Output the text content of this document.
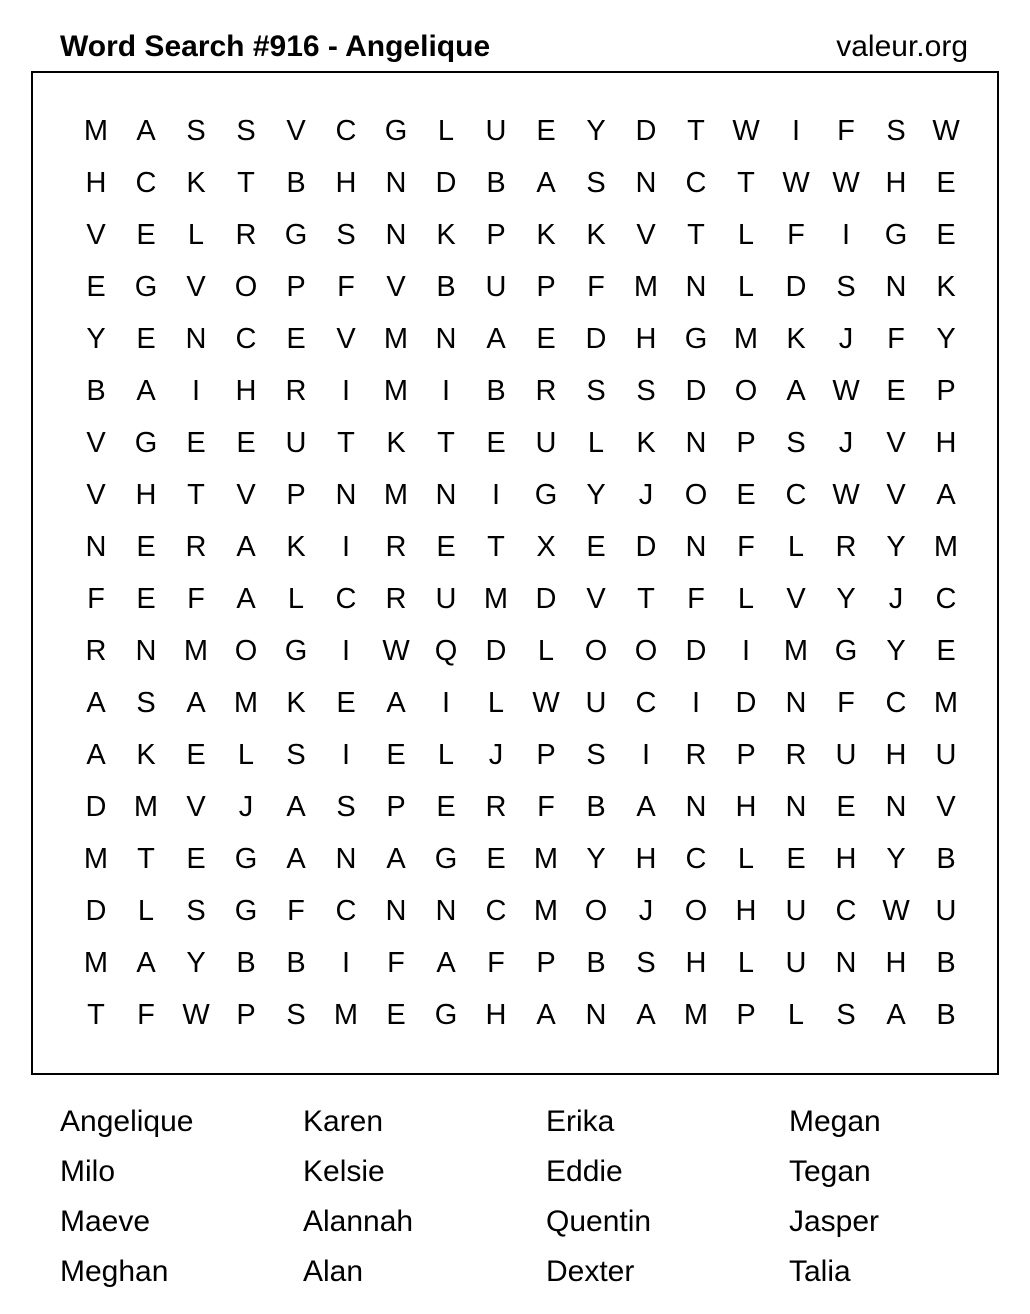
Word Search #916 - Angelique	valeur.org
M A	S	S	V	C G	L	U	E	Y	D	T W	I	F	S W
H	C	K	T	B	H	N	D	B	A	S	N	C	T W W H	E
V	E	L	R G	S	N	K	P	K	K	V	T	L	F	I	G	E
E	G	V	O	P	F	V	B	U	P	F	M N	L	D	S	N	K
Y	E	N	C	E	V M N	A	E	D	H G M K	J	F	Y
B	A	I	H	R	I	M	I	B	R	S	S	D O	A W E	P
V	G	E	E	U	T	K	T	E	U	L	K	N	P	S	J	V	H
V	H	T	V	P	N M N	I	G	Y	J	O	E	C W V	A
N	E	R	A	K	I	R	E	T	X	E	D	N	F	L	R	Y M
F	E	F	A	L	C	R	U M D	V	T	F	L	V	Y	J	C
R	N M O G	I	W Q D	L	O O D	I	M G	Y	E
A	S	A M K	E	A	I	L W U	C	I	D	N	F	C M
A	K	E	L	S	I	E	L	J	P	S	I	R	P	R	U	H	U
D M V	J	A	S	P	E	R	F	B	A	N	H	N	E	N	V
M	T	E	G	A	N	A	G	E M Y	H	C	L	E	H	Y	B
D	L	S	G	F	C	N	N	C M O	J	O H	U	C W U
M A	Y	B	B	I	F	A	F	P	B	S	H	L	U	N	H	B
T	F W P	S M E	G H	A	N	A M P	L	S	A	B
Angelique	Karen	Erika	Megan
Milo	Kelsie	Eddie	Tegan
Maeve	Alannah	Quentin	Jasper
Meghan	Alan	Dexter	Talia
